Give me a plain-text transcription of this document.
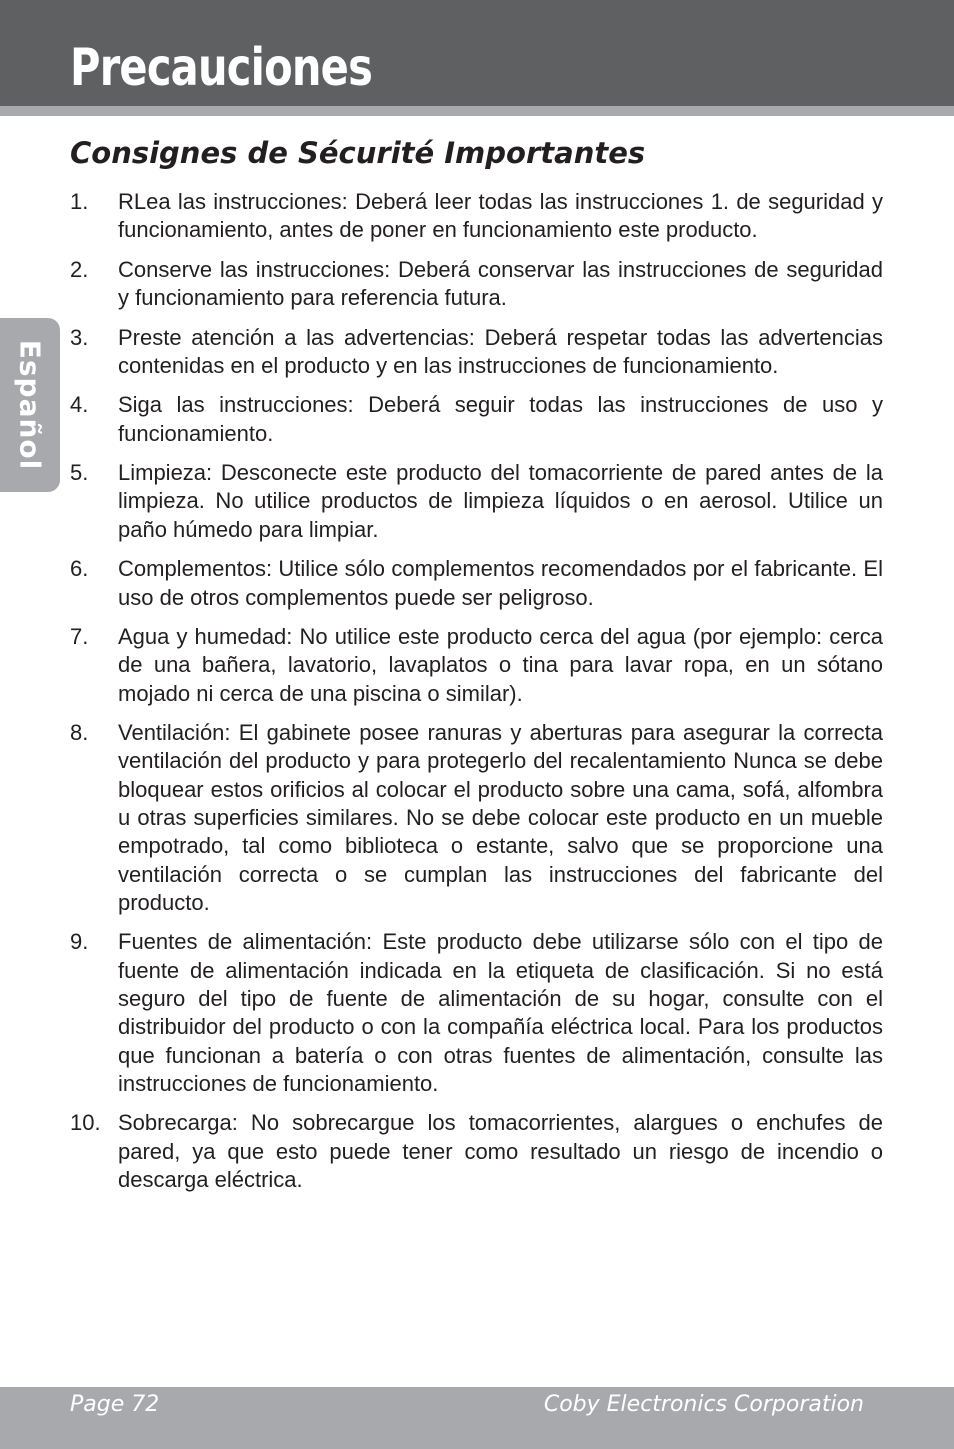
Precauciones
Español
Consignes de Sécurité Importantes
1.	RLea las instrucciones: Deberá leer todas las instrucciones 1. de seguridad y funcionamiento, antes de poner en funcionamiento este producto.
2.	Conserve las instrucciones: Deberá conservar las instrucciones de seguridad y funcionamiento para referencia futura.
3.	Preste atención a las advertencias: Deberá respetar todas las advertencias contenidas en el producto y en las instrucciones de funcionamiento.
4.	Siga las instrucciones: Deberá seguir todas las instrucciones de uso y funcionamiento.
5.	Limpieza: Desconecte este producto del tomacorriente de pared antes de la limpieza. No utilice productos de limpieza líquidos o en aerosol. Utilice un paño húmedo para limpiar.
6.	Complementos: Utilice sólo complementos recomendados por el fabricante. El uso de otros complementos puede ser peligroso.
7.	Agua y humedad: No utilice este producto cerca del agua (por ejemplo: cerca de una bañera, lavatorio, lavaplatos o tina para lavar ropa, en un sótano mojado ni cerca de una piscina o similar).
8.	Ventilación: El gabinete posee ranuras y aberturas para asegurar la correcta ventilación del producto y para protegerlo del recalentamiento Nunca se debe bloquear estos orificios al colocar el producto sobre una cama, sofá, alfombra u otras superficies similares. No se debe colocar este producto en un mueble empotrado, tal como biblioteca o estante, salvo que se proporcione una ventilación correcta o se cumplan las instrucciones del fabricante del producto.
9.	Fuentes de alimentación: Este producto debe utilizarse sólo con el tipo de fuente de alimentación indicada en la etiqueta de clasificación. Si no está seguro del tipo de fuente de alimentación de su hogar, consulte con el distribuidor del producto o con la compañía eléctrica local. Para los productos que funcionan a batería o con otras fuentes de alimentación, consulte las instrucciones de funcionamiento.
10. Sobrecarga: No sobrecargue los tomacorrientes, alargues o enchufes de pared, ya que esto puede tener como resultado un riesgo de incendio o descarga eléctrica.
Page 72	Coby Electronics Corporation
